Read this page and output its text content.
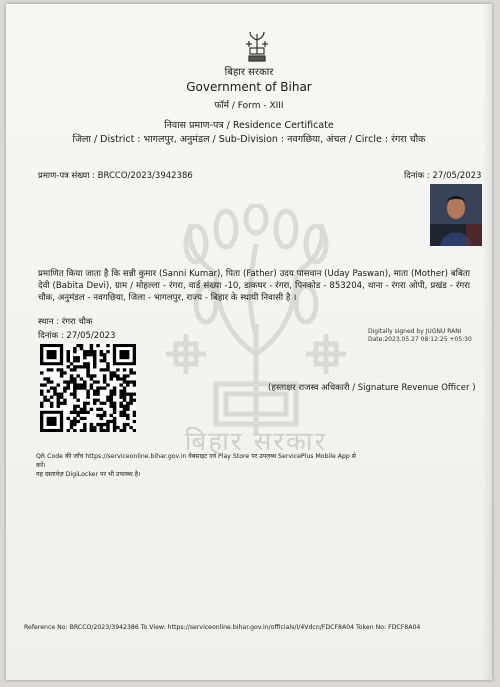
बिहार सरकार
बिहार सरकार
Government of Bihar
फॉर्म / Form - XIII
निवास प्रमाण-पत्र / Residence Certificate
जिला / District : भागलपुर, अनुमंडल / Sub-Division : नवगछिया, अंचल / Circle : रंगरा चौक
प्रमाण-पत्र संख्या : BRCCO/2023/3942386	दिनांक : 27/05/2023
प्रमाणित किया जाता है कि सन्नी कुमार (Sanni Kumar), पिता (Father) उदय पासवान (Uday Paswan), माता (Mother) बबिता देवी (Babita Devi), ग्राम / मोहल्ला - रंगरा, वार्ड संख्या -10, डाकघर - रंगरा, पिनकोड - 853204, थाना - रंगरा ओपी, प्रखंड - रंगरा चौक, अनुमंडल - नवगछिया, जिला - भागलपुर, राज्य - बिहार के स्थायी निवासी है ।
स्थान : रंगरा चौक
दिनांक : 27/05/2023	Digitally signed by JUGNU RANI
Date:2023.05.27 08:12:25 +05:30
(हस्ताक्षर राजस्व अधिकारी / Signature Revenue Officer )
QR Code की जाँच https://serviceonline.bihar.gov.in वेबसाइट एवं Play Store पर उपलब्ध ServicePlus Mobile App से करें।
यह दस्तावेज़ DigiLocker पर भी उपलब्ध है।
Reference No: BRCCO/2023/3942386 To View: https://serviceonline.bihar.gov.in/officials/I/4Vdcn/FDCF8A04 Token No: FDCF8A04
